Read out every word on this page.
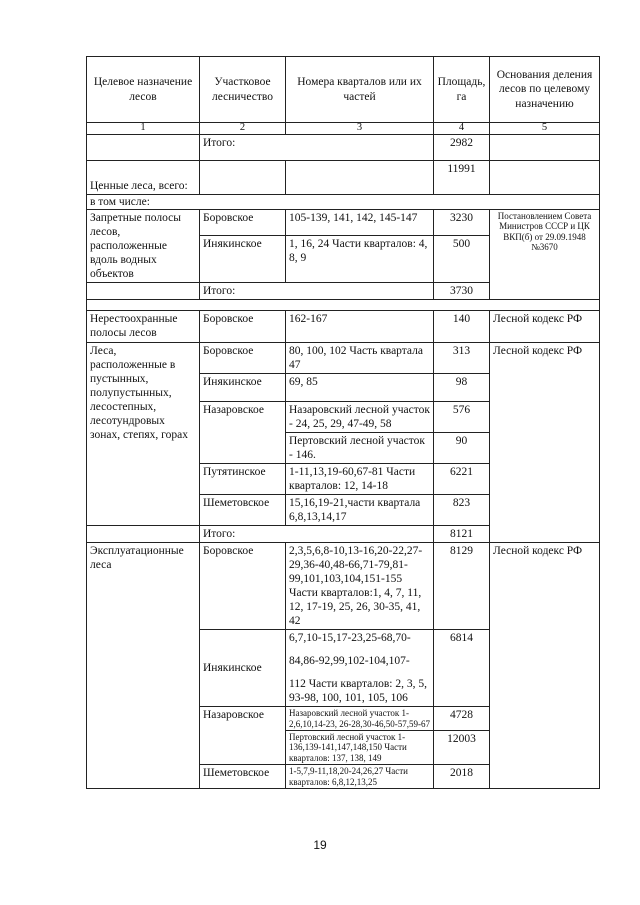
Целевое назначение лесов	Участковое лесничество	Номера кварталов или их частей	Площадь, га	Основания деления лесов по целевому назначению
1	2	3	4	5
	Итого:		2982	
Ценные леса, всего:			11991	
в том числе:				
Запретные полосы лесов, расположенные вдоль водных объектов	Боровское	105-139, 141, 142, 145-147	3230	Постановлением Совета Министров СССР и ЦК ВКП(б) от 29.09.1948 №3670
	Инякинское	1, 16, 24 Части кварталов: 4, 8, 9	500	
	Итого:		3730	

Нерестоохранные полосы лесов	Боровское	162-167	140	Лесной кодекс РФ
Леса, расположенные в пустынных, полупустынных, лесостепных, лесотундровых зонах, степях, горах	Боровское	80, 100, 102 Часть квартала 47	313	Лесной кодекс РФ
	Инякинское	69, 85	98	
	Назаровское	Назаровский лесной участок - 24, 25, 29, 47-49, 58	576	
		Пертовский лесной участок - 146.	90	
	Путятинское	1-11,13,19-60,67-81 Части кварталов: 12, 14-18	6221	
	Шеметовское	15,16,19-21,части квартала 6,8,13,14,17	823	
	Итого:		8121	
Эксплуатационные леса	Боровское	2,3,5,6,8-10,13-16,20-22,27-29,36-40,48-66,71-79,81-99,101,103,104,151-155
Части кварталов:1, 4, 7, 11, 12, 17-19, 25, 26, 30-35, 41, 42	8129	Лесной кодекс РФ
	Инякинское	6,7,10-15,17-23,25-68,70-
84,86-92,99,102-104,107-
112 Части кварталов: 2, 3, 5, 93-98, 100, 101, 105, 106	6814	
	Назаровское	Назаровский лесной участок 1-2,6,10,14-23, 26-28,30-46,50-57,59-67	4728	
		Пертовский лесной участок 1-136,139-141,147,148,150 Части кварталов: 137, 138, 149	12003	
	Шеметовское	1-5,7,9-11,18,20-24,26,27 Части кварталов: 6,8,12,13,25	2018	
19
